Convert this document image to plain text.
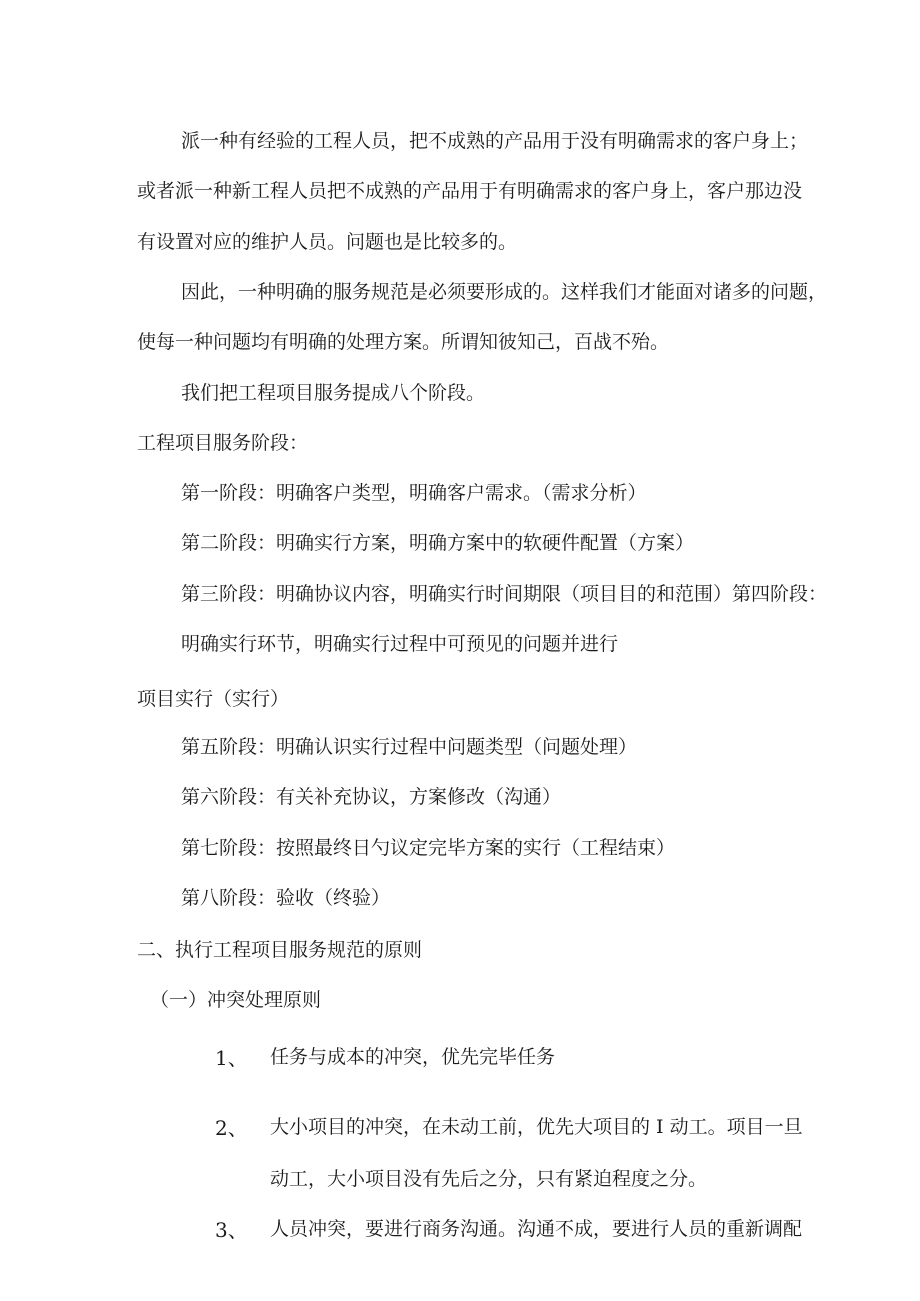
派一种有经验的工程人员，把不成熟的产品用于没有明确需求的客户身上；
或者派一种新工程人员把不成熟的产品用于有明确需求的客户身上，客户那边没
有设置对应的维护人员。问题也是比较多的。
因此，一种明确的服务规范是必须要形成的。这样我们才能面对诸多的问题，
使每一种问题均有明确的处理方案。所谓知彼知己，百战不殆。
我们把工程项目服务提成八个阶段。
工程项目服务阶段：
第一阶段：明确客户类型，明确客户需求。（需求分析）
第二阶段：明确实行方案，明确方案中的软硬件配置（方案）
第三阶段：明确协议内容，明确实行时间期限（项目目的和范围）第四阶段：
明确实行环节，明确实行过程中可预见的问题并进行
项目实行（实行）
第五阶段：明确认识实行过程中问题类型（问题处理）
第六阶段：有关补充协议，方案修改（沟通）
第七阶段：按照最终日勺议定完毕方案的实行（工程结束）
第八阶段：验收（终验）
二、执行工程项目服务规范的原则
（一）冲突处理原则
1、 任务与成本的冲突，优先完毕任务
2、 大小项目的冲突，在未动工前，优先大项目的 I 动工。项目一旦
动工，大小项目没有先后之分，只有紧迫程度之分。
3、 人员冲突，要进行商务沟通。沟通不成，要进行人员的重新调配
